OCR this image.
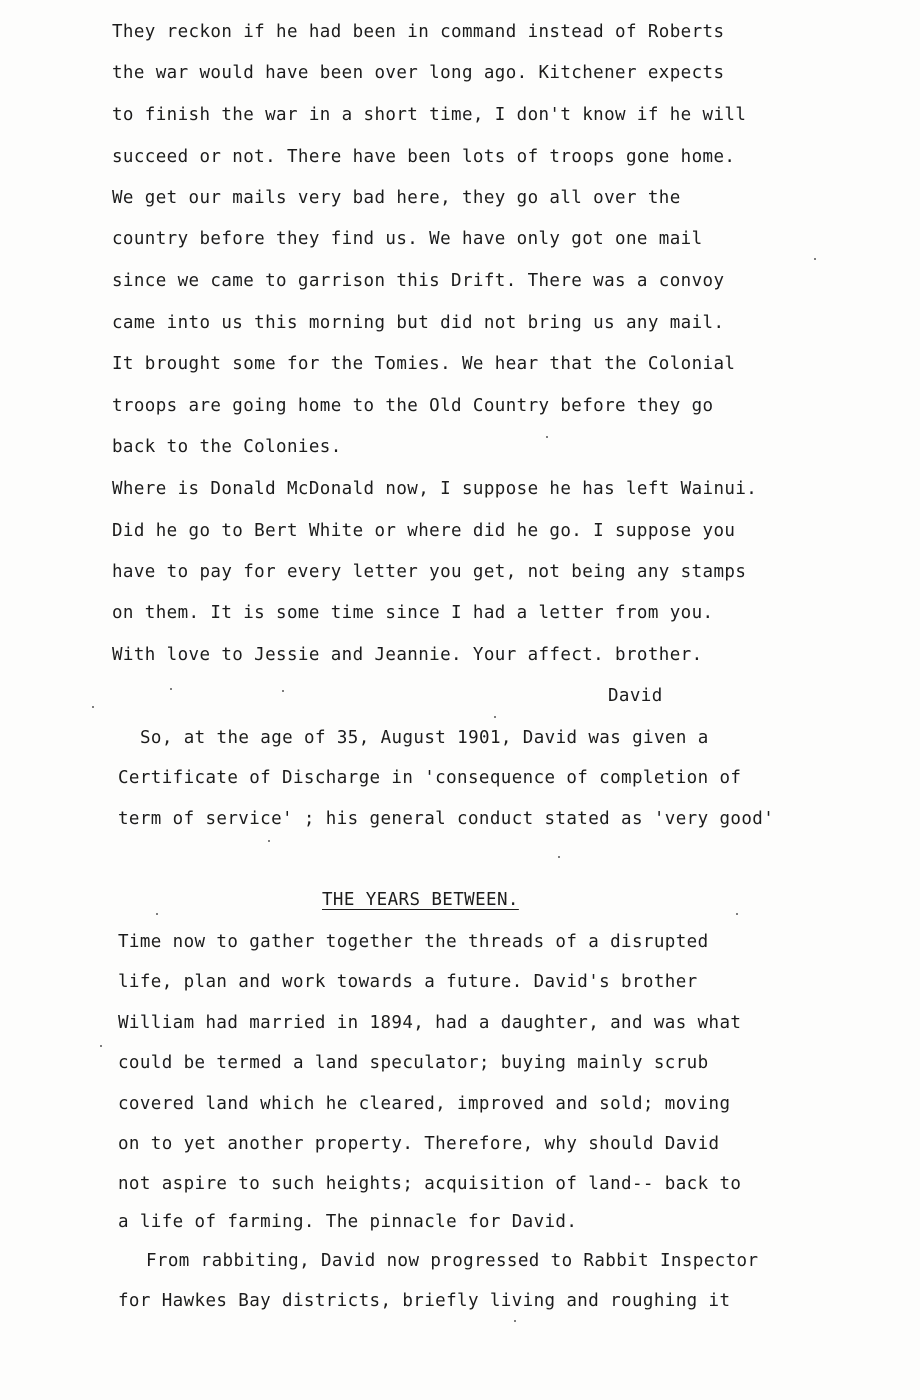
They reckon if he had been in command instead of Roberts
the war would have been over long ago. Kitchener expects
to finish the war in a short time, I don't know if he will
succeed or not. There have been lots of troops gone home.
We get our mails very bad here, they go all over the
country before they find us. We have only got one mail
since we came to garrison this Drift. There was a convoy
came into us this morning but did not bring us any mail.
It brought some for the Tomies. We hear that the Colonial
troops are going home to the Old Country before they go
back to the Colonies.
Where is Donald McDonald now, I suppose he has left Wainui.
Did he go to Bert White or where did he go. I suppose you
have to pay for every letter you get, not being any stamps
on them. It is some time since I had a letter from you.
With love to Jessie and Jeannie. Your affect. brother.
David
So, at the age of 35, August 1901, David was given a
Certificate of Discharge in 'consequence of completion of
term of service' ; his general conduct stated as 'very good'
THE YEARS BETWEEN.
Time now to gather together the threads of a disrupted
life, plan and work towards a future. David's brother
William had married in 1894, had a daughter, and was what
could be termed a land speculator; buying mainly scrub
covered land which he cleared, improved and sold; moving
on to yet another property. Therefore, why should David
not aspire to such heights; acquisition of land-- back to
a life of farming. The pinnacle for David.
From rabbiting, David now progressed to Rabbit Inspector
for Hawkes Bay districts, briefly living and roughing it
